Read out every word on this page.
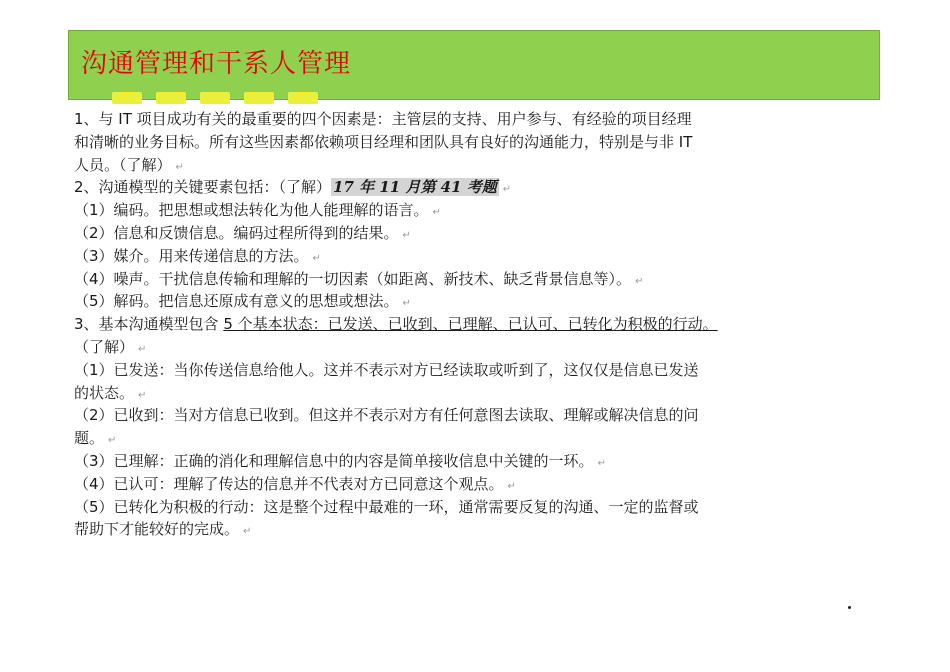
沟通管理和干系人管理
1、与 IT 项目成功有关的最重要的四个因素是：主管层的支持、用户参与、有经验的项目经理
和清晰的业务目标。所有这些因素都依赖项目经理和团队具有良好的沟通能力，特别是与非 IT
人员。（了解） ↵
2、沟通模型的关键要素包括：（了解） 17 年 11 月第 41 考题 ↵
（1）编码。把思想或想法转化为他人能理解的语言。 ↵
（2）信息和反馈信息。编码过程所得到的结果。 ↵
（3）媒介。用来传递信息的方法。 ↵
（4）噪声。干扰信息传输和理解的一切因素（如距离、新技术、缺乏背景信息等）。 ↵
（5）解码。把信息还原成有意义的思想或想法。 ↵
3、基本沟通模型包含 5 个基本状态：已发送、已收到、已理解、已认可、已转化为积极的行动。
（了解） ↵
（1）已发送：当你传送信息给他人。这并不表示对方已经读取或听到了，这仅仅是信息已发送
的状态。 ↵
（2）已收到：当对方信息已收到。但这并不表示对方有任何意图去读取、理解或解决信息的问
题。 ↵
（3）已理解：正确的消化和理解信息中的内容是简单接收信息中关键的一环。 ↵
（4）已认可：理解了传达的信息并不代表对方已同意这个观点。 ↵
（5）已转化为积极的行动：这是整个过程中最难的一环，通常需要反复的沟通、一定的监督或
帮助下才能较好的完成。 ↵
